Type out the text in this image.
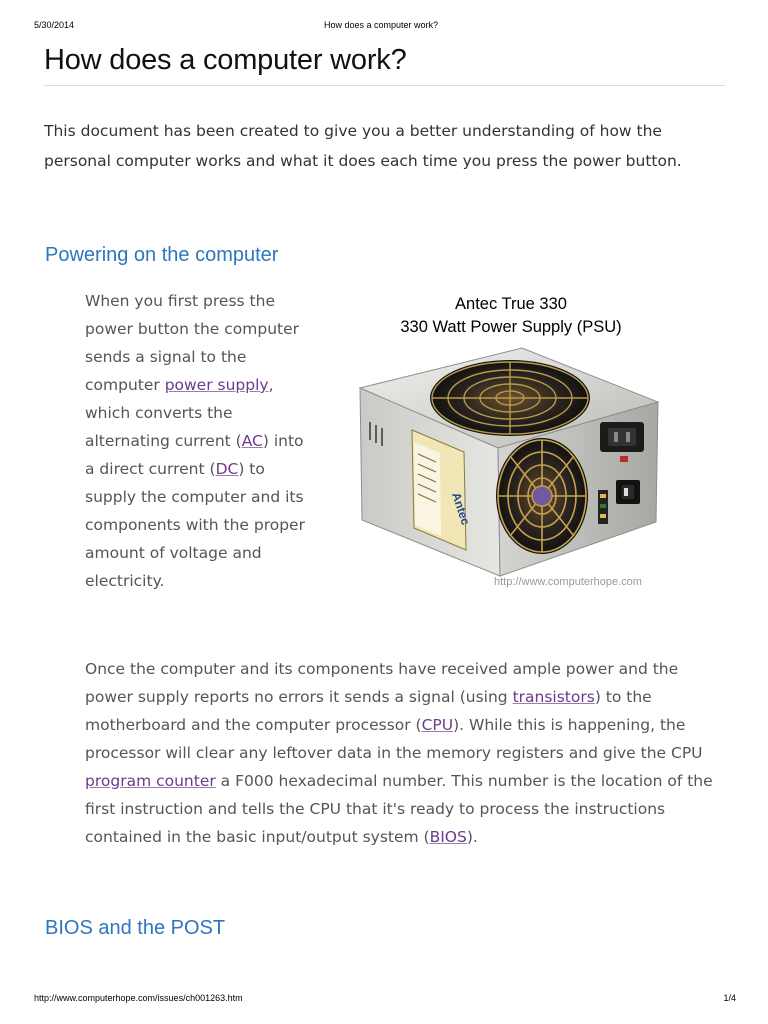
5/30/2014	How does a computer work?
How does a computer work?

This document has been created to give you a better understanding of how the personal computer works and what it does each time you press the power button.

Powering on the computer

When you first press the power button the computer sends a signal to the computer power supply, which converts the alternating current (AC) into a direct current (DC) to supply the computer and its components with the proper amount of voltage and electricity.

Antec True 330
330 Watt Power Supply (PSU)
Antec
http://www.computerhope.com

Once the computer and its components have received ample power and the power supply reports no errors it sends a signal (using transistors) to the motherboard and the computer processor (CPU). While this is happening, the processor will clear any leftover data in the memory registers and give the CPU program counter a F000 hexadecimal number. This number is the location of the first instruction and tells the CPU that it's ready to process the instructions contained in the basic input/output system (BIOS).

BIOS and the POST
http://www.computerhope.com/issues/ch001263.htm	1/4
